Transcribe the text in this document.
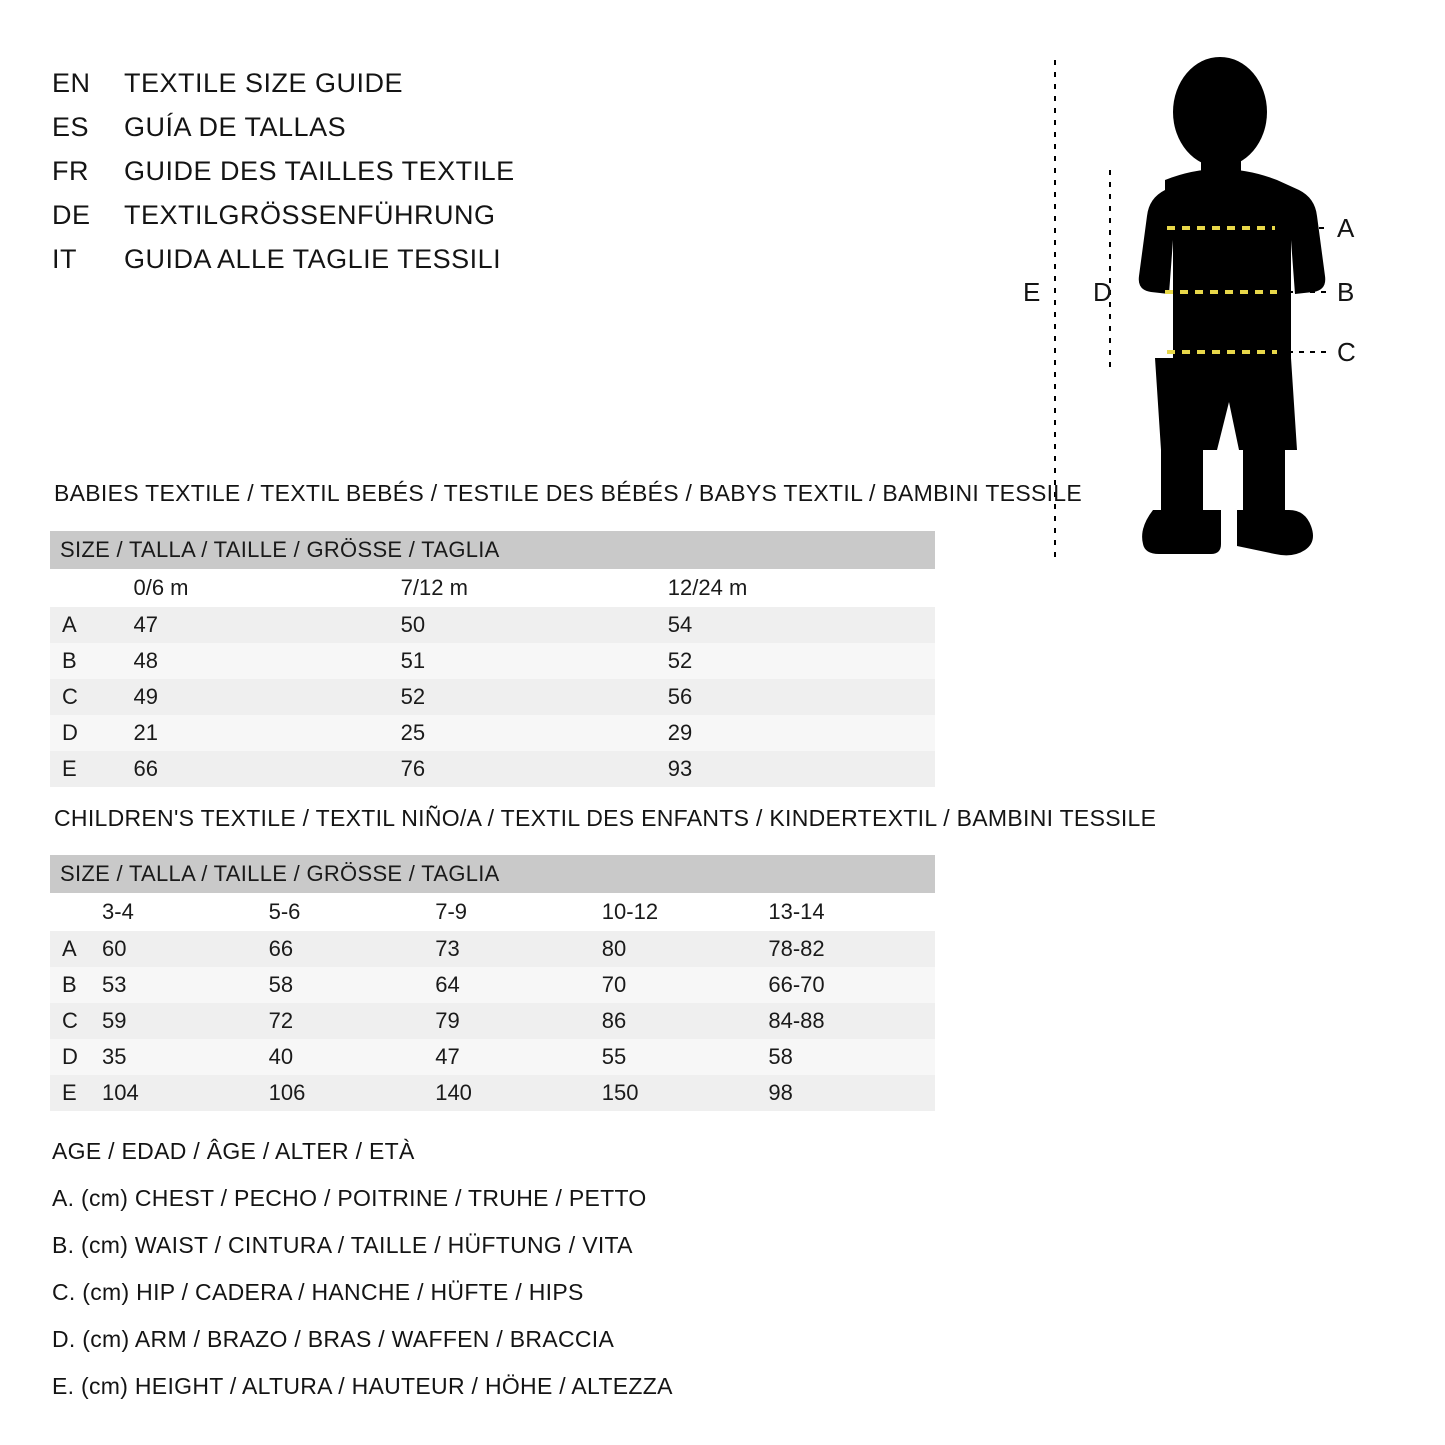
EN	TEXTILE SIZE GUIDE
ES	GUÍA DE TALLAS
FR	GUIDE DES TAILLES TEXTILE
DE	TEXTILGRÖSSENFÜHRUNG
IT	GUIDA ALLE TAGLIE TESSILI
A
B
C
D
E
BABIES TEXTILE / TEXTIL BEBÉS / TESTILE DES BÉBÉS / BABYS TEXTIL / BAMBINI TESSILE
SIZE / TALLA / TAILLE / GRÖSSE / TAGLIA			
	0/6 m	7/12 m	12/24 m
A	47	50	54
B	48	51	52
C	49	52	56
D	21	25	29
E	66	76	93
CHILDREN'S TEXTILE / TEXTIL NIÑO/A / TEXTIL DES ENFANTS / KINDERTEXTIL / BAMBINI TESSILE
SIZE / TALLA / TAILLE / GRÖSSE / TAGLIA					
	3-4	5-6	7-9	10-12	13-14
A	60	66	73	80	78-82
B	53	58	64	70	66-70
C	59	72	79	86	84-88
D	35	40	47	55	58
E	104	106	140	150	98
AGE / EDAD / ÂGE / ALTER / ETÀ
A. (cm) CHEST / PECHO / POITRINE / TRUHE / PETTO
B. (cm) WAIST / CINTURA / TAILLE / HÜFTUNG / VITA
C. (cm) HIP / CADERA / HANCHE / HÜFTE / HIPS
D. (cm) ARM / BRAZO / BRAS / WAFFEN / BRACCIA
E. (cm) HEIGHT / ALTURA / HAUTEUR / HÖHE / ALTEZZA
